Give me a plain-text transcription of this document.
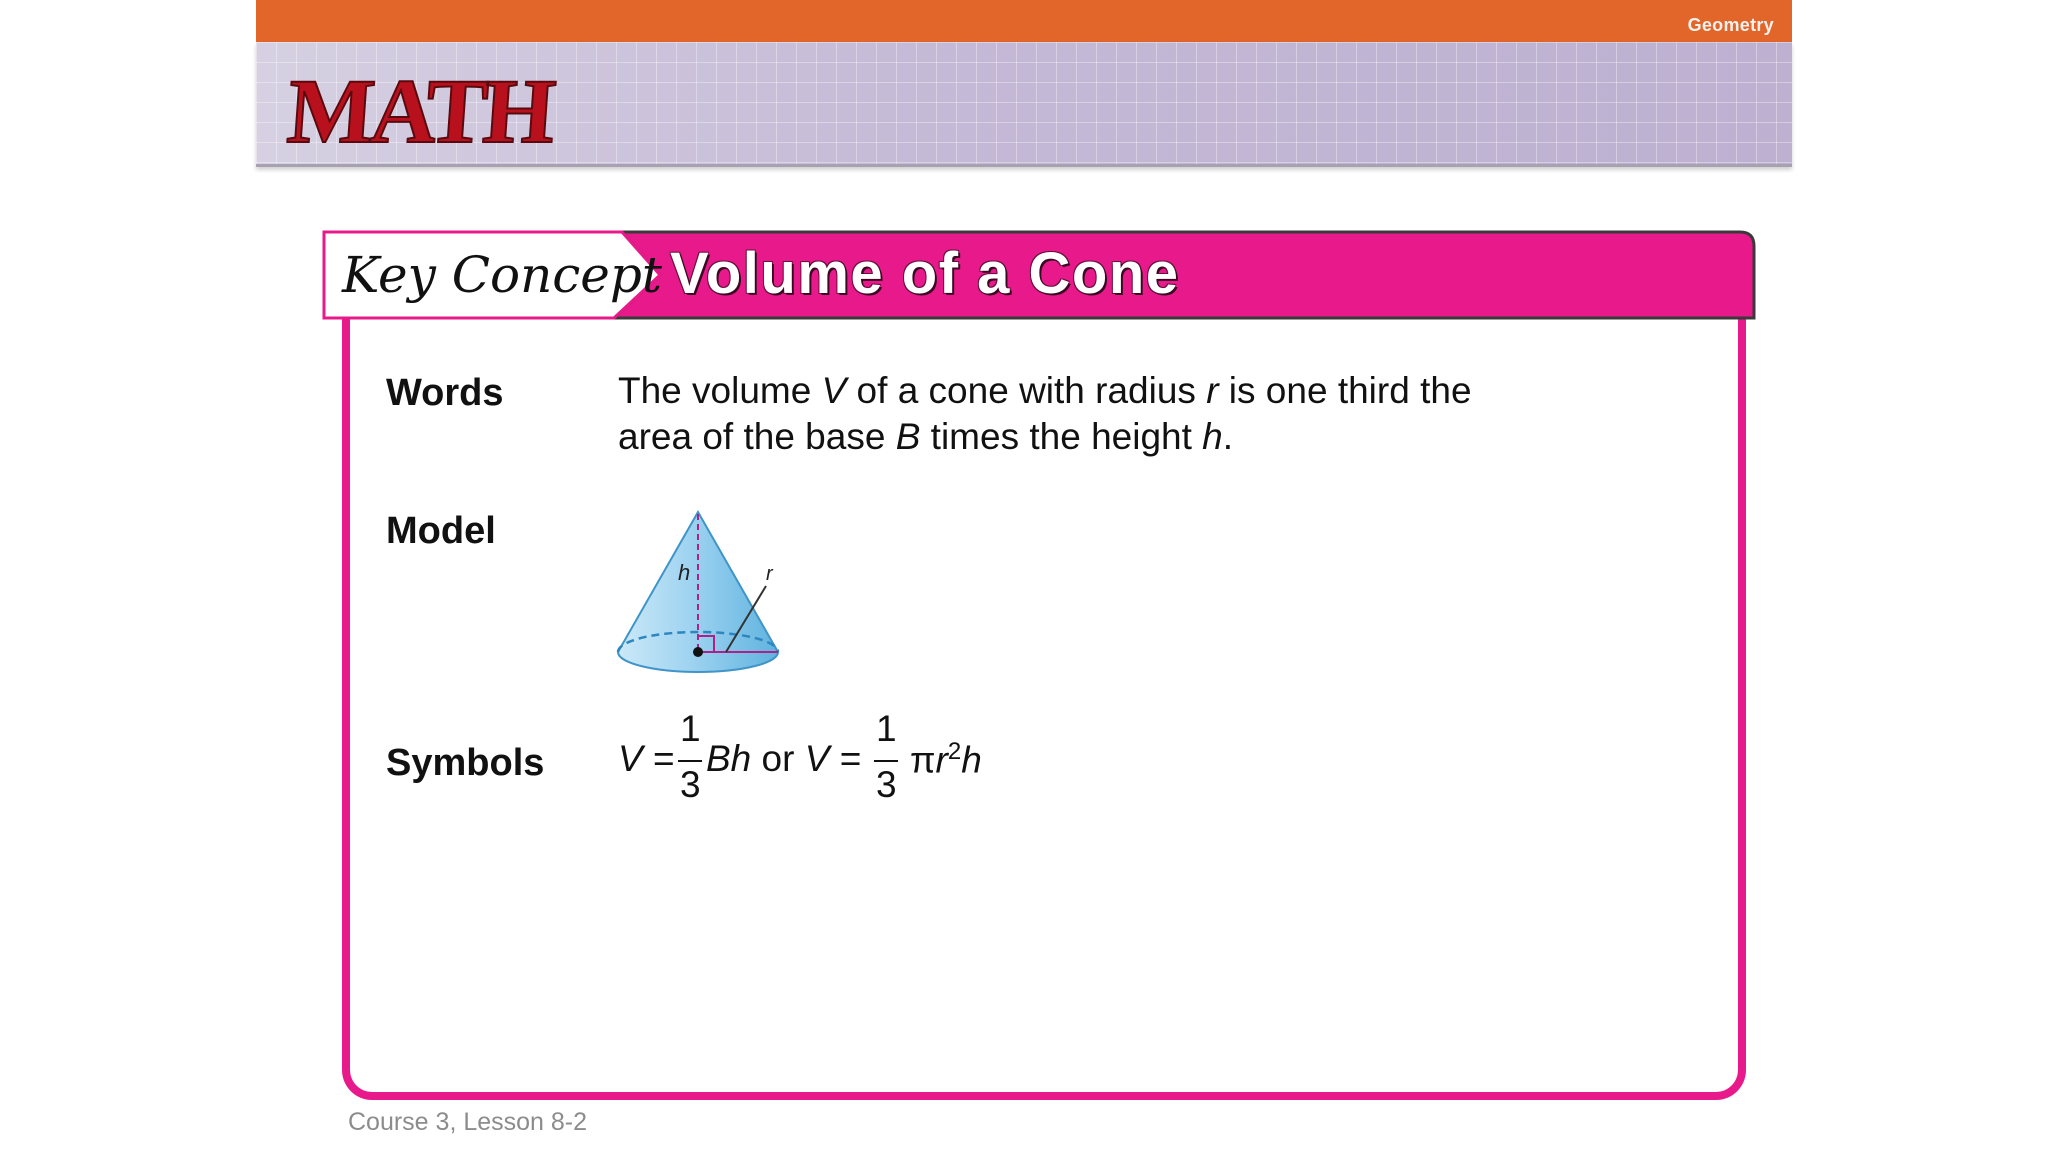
Geometry
MATH
Key Concept Volume of a Cone
Words	The volume V of a cone with radius r is one third the
area of the base B times the height h.
Model
h	r
Symbols V =
1
3
Bh or V =
1
3
$\pi r^2h$
Course 3, Lesson 8-2
